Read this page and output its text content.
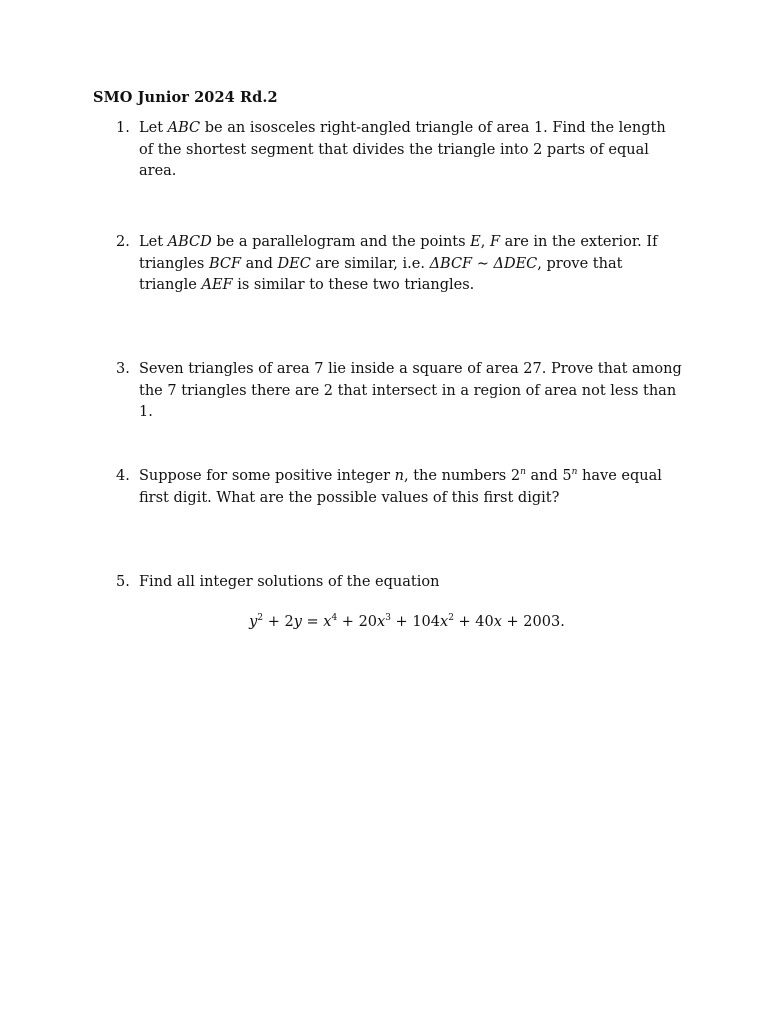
SMO Junior 2024 Rd.2
1. Let ABC be an isosceles right-angled triangle of area 1. Find the length of the shortest segment that divides the triangle into 2 parts of equal area.
2. Let ABCD be a parallelogram and the points E, F are in the exterior. If triangles BCF and DEC are similar, i.e. ΔBCF ∼ ΔDEC, prove that triangle AEF is similar to these two triangles.
3. Seven triangles of area 7 lie inside a square of area 27. Prove that among the 7 triangles there are 2 that intersect in a region of area not less than 1.
4. Suppose for some positive integer n, the numbers 2$^n$ and 5$^n$ have equal first digit. What are the possible values of this first digit?
5. Find all integer solutions of the equation
$y^2 + 2y = x^4 + 20x^3 + 104x^2 + 40x + 2003$.
